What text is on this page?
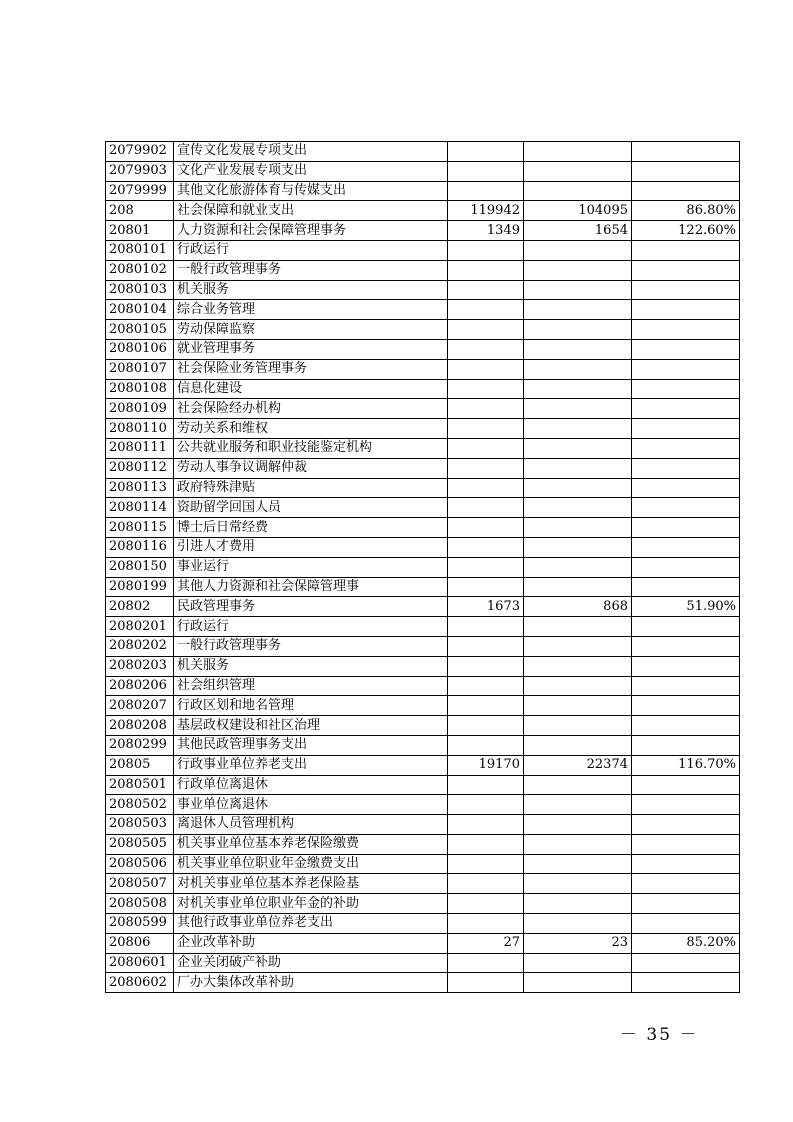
2079902	宣传文化发展专项支出			
2079903	文化产业发展专项支出			
2079999	其他文化旅游体育与传媒支出			
208	社会保障和就业支出	119942	104095	86.80%
20801	人力资源和社会保障管理事务	1349	1654	122.60%
2080101	行政运行			
2080102	一般行政管理事务			
2080103	机关服务			
2080104	综合业务管理			
2080105	劳动保障监察			
2080106	就业管理事务			
2080107	社会保险业务管理事务			
2080108	信息化建设			
2080109	社会保险经办机构			
2080110	劳动关系和维权			
2080111	公共就业服务和职业技能鉴定机构			
2080112	劳动人事争议调解仲裁			
2080113	政府特殊津贴			
2080114	资助留学回国人员			
2080115	博士后日常经费			
2080116	引进人才费用			
2080150	事业运行			
2080199	其他人力资源和社会保障管理事			
20802	民政管理事务	1673	868	51.90%
2080201	行政运行			
2080202	一般行政管理事务			
2080203	机关服务			
2080206	社会组织管理			
2080207	行政区划和地名管理			
2080208	基层政权建设和社区治理			
2080299	其他民政管理事务支出			
20805	行政事业单位养老支出	19170	22374	116.70%
2080501	行政单位离退休			
2080502	事业单位离退休			
2080503	离退休人员管理机构			
2080505	机关事业单位基本养老保险缴费			
2080506	机关事业单位职业年金缴费支出			
2080507	对机关事业单位基本养老保险基			
2080508	对机关事业单位职业年金的补助			
2080599	其他行政事业单位养老支出			
20806	企业改革补助	27	23	85.20%
2080601	企业关闭破产补助			
2080602	厂办大集体改革补助			
－ 35 －
